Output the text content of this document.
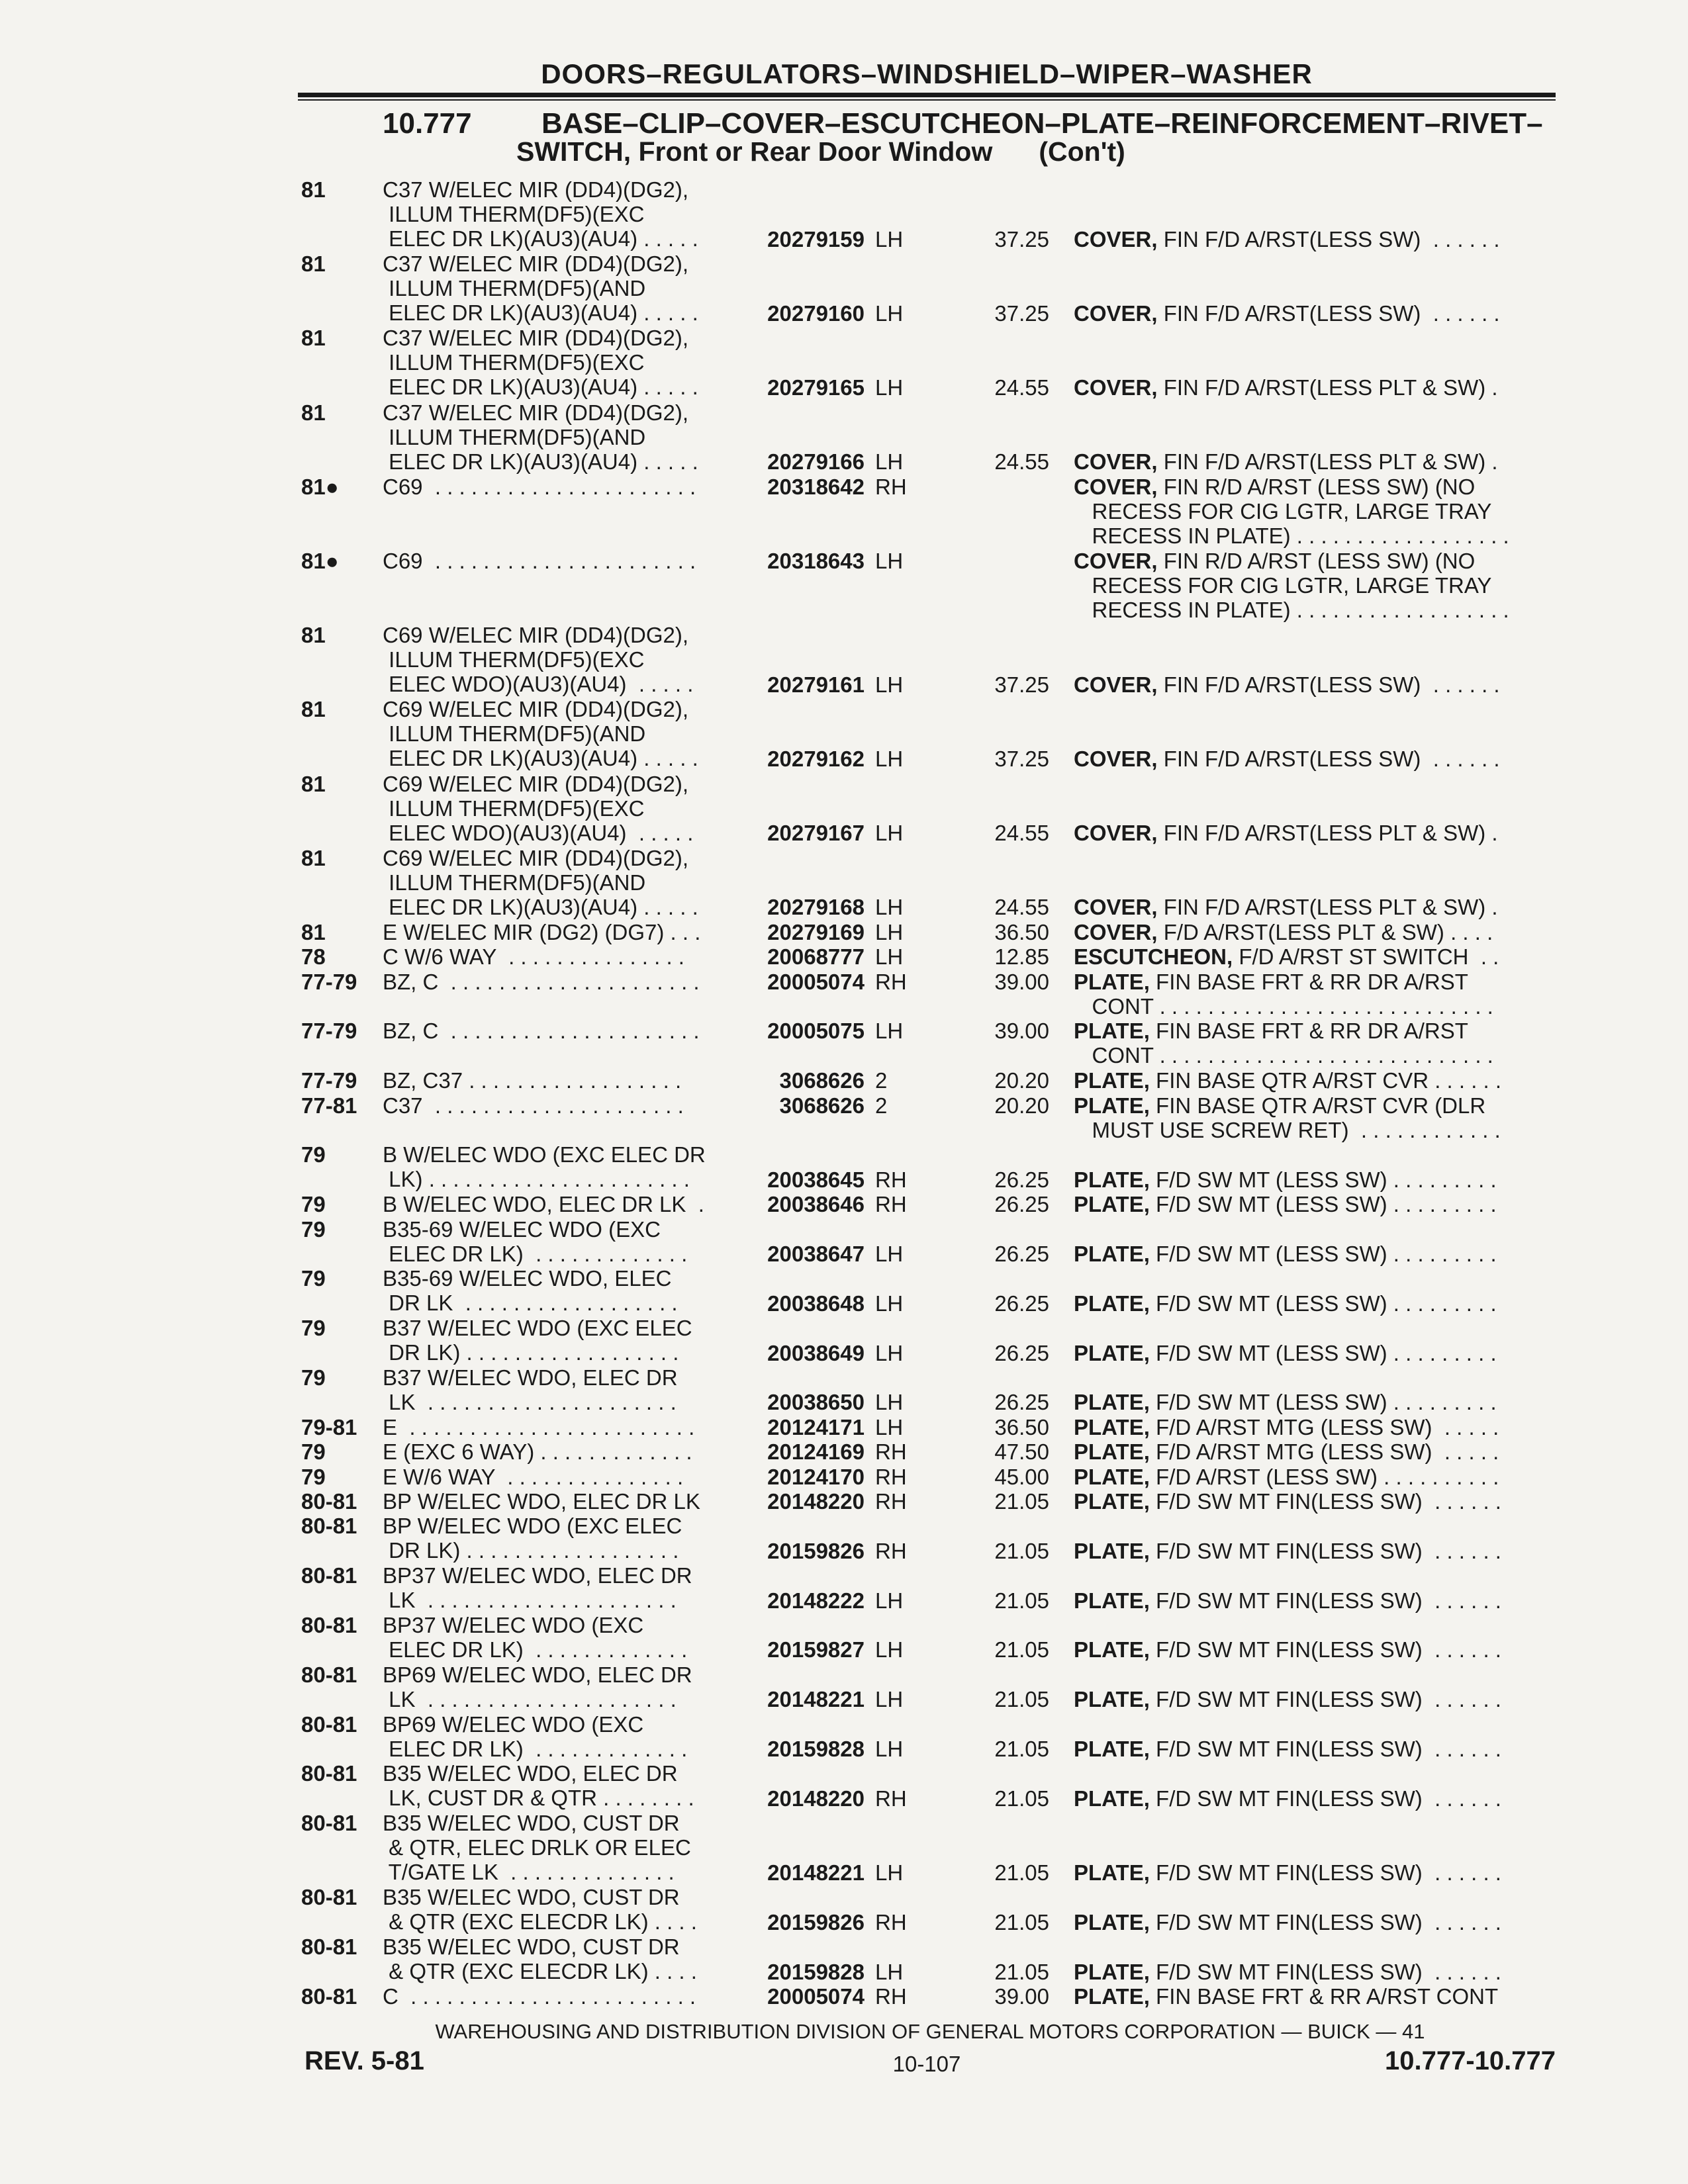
DOORS–REGULATORS–WINDSHIELD–WIPER–WASHER
10.777 BASE–CLIP–COVER–ESCUTCHEON–PLATE–REINFORCEMENT–RIVET–
SWITCH, Front or Rear Door Window (Con't)
81	C37 W/ELEC MIR (DD4)(DG2),
ILLUM THERM(DF5)(EXC
ELEC DR LK)(AU3)(AU4) . . . . .	20279159 LH	37.25 COVER, FIN F/D A/RST(LESS SW)  . . . . . .
81	C37 W/ELEC MIR (DD4)(DG2),
ILLUM THERM(DF5)(AND
ELEC DR LK)(AU3)(AU4) . . . . .	20279160 LH	37.25 COVER, FIN F/D A/RST(LESS SW)  . . . . . .
81	C37 W/ELEC MIR (DD4)(DG2),
ILLUM THERM(DF5)(EXC
ELEC DR LK)(AU3)(AU4) . . . . .	20279165 LH	24.55 COVER, FIN F/D A/RST(LESS PLT & SW) .
81	C37 W/ELEC MIR (DD4)(DG2),
ILLUM THERM(DF5)(AND
ELEC DR LK)(AU3)(AU4) . . . . .	20279166 LH	24.55 COVER, FIN F/D A/RST(LESS PLT & SW) .
81●	C69  . . . . . . . . . . . . . . . . . . . . . .	20318642 RH	COVER, FIN R/D A/RST (LESS SW) (NO
RECESS FOR CIG LGTR, LARGE TRAY
RECESS IN PLATE) . . . . . . . . . . . . . . . . . .
81●	C69  . . . . . . . . . . . . . . . . . . . . . .	20318643 LH	COVER, FIN R/D A/RST (LESS SW) (NO
RECESS FOR CIG LGTR, LARGE TRAY
RECESS IN PLATE) . . . . . . . . . . . . . . . . . .
81	C69 W/ELEC MIR (DD4)(DG2),
ILLUM THERM(DF5)(EXC
ELEC WDO)(AU3)(AU4)  . . . . .	20279161 LH	37.25 COVER, FIN F/D A/RST(LESS SW)  . . . . . .
81	C69 W/ELEC MIR (DD4)(DG2),
ILLUM THERM(DF5)(AND
ELEC DR LK)(AU3)(AU4) . . . . .	20279162 LH	37.25 COVER, FIN F/D A/RST(LESS SW)  . . . . . .
81	C69 W/ELEC MIR (DD4)(DG2),
ILLUM THERM(DF5)(EXC
ELEC WDO)(AU3)(AU4)  . . . . .	20279167 LH	24.55 COVER, FIN F/D A/RST(LESS PLT & SW) .
81	C69 W/ELEC MIR (DD4)(DG2),
ILLUM THERM(DF5)(AND
ELEC DR LK)(AU3)(AU4) . . . . .	20279168 LH	24.55 COVER, FIN F/D A/RST(LESS PLT & SW) .
81	E W/ELEC MIR (DG2) (DG7) . . .	20279169 LH	36.50 COVER, F/D A/RST(LESS PLT & SW) . . . .
78	C W/6 WAY  . . . . . . . . . . . . . . .	20068777 LH	12.85 ESCUTCHEON, F/D A/RST ST SWITCH  . .
77-79	BZ, C  . . . . . . . . . . . . . . . . . . . . .	20005074 RH	39.00 PLATE, FIN BASE FRT & RR DR A/RST
CONT . . . . . . . . . . . . . . . . . . . . . . . . . . . .
77-79	BZ, C  . . . . . . . . . . . . . . . . . . . . .	20005075 LH	39.00 PLATE, FIN BASE FRT & RR DR A/RST
CONT . . . . . . . . . . . . . . . . . . . . . . . . . . . .
77-79	BZ, C37 . . . . . . . . . . . . . . . . . .	3068626 2	20.20 PLATE, FIN BASE QTR A/RST CVR . . . . . .
77-81	C37  . . . . . . . . . . . . . . . . . . . . .	3068626 2	20.20 PLATE, FIN BASE QTR A/RST CVR (DLR
MUST USE SCREW RET)  . . . . . . . . . . . .
79	B W/ELEC WDO (EXC ELEC DR
LK) . . . . . . . . . . . . . . . . . . . . . .	20038645 RH	26.25 PLATE, F/D SW MT (LESS SW) . . . . . . . . .
79	B W/ELEC WDO, ELEC DR LK  .	20038646 RH	26.25 PLATE, F/D SW MT (LESS SW) . . . . . . . . .
79	B35-69 W/ELEC WDO (EXC
ELEC DR LK)  . . . . . . . . . . . . .	20038647 LH	26.25 PLATE, F/D SW MT (LESS SW) . . . . . . . . .
79	B35-69 W/ELEC WDO, ELEC
DR LK  . . . . . . . . . . . . . . . . . .	20038648 LH	26.25 PLATE, F/D SW MT (LESS SW) . . . . . . . . .
79	B37 W/ELEC WDO (EXC ELEC
DR LK) . . . . . . . . . . . . . . . . . .	20038649 LH	26.25 PLATE, F/D SW MT (LESS SW) . . . . . . . . .
79	B37 W/ELEC WDO, ELEC DR
LK  . . . . . . . . . . . . . . . . . . . . .	20038650 LH	26.25 PLATE, F/D SW MT (LESS SW) . . . . . . . . .
79-81	E  . . . . . . . . . . . . . . . . . . . . . . . .	20124171 LH	36.50 PLATE, F/D A/RST MTG (LESS SW)  . . . . .
79	E (EXC 6 WAY) . . . . . . . . . . . . .	20124169 RH	47.50 PLATE, F/D A/RST MTG (LESS SW)  . . . . .
79	E W/6 WAY  . . . . . . . . . . . . . . .	20124170 RH	45.00 PLATE, F/D A/RST (LESS SW) . . . . . . . . . .
80-81	BP W/ELEC WDO, ELEC DR LK	20148220 RH	21.05 PLATE, F/D SW MT FIN(LESS SW)  . . . . . .
80-81	BP W/ELEC WDO (EXC ELEC
DR LK) . . . . . . . . . . . . . . . . . .	20159826 RH	21.05 PLATE, F/D SW MT FIN(LESS SW)  . . . . . .
80-81	BP37 W/ELEC WDO, ELEC DR
LK  . . . . . . . . . . . . . . . . . . . . .	20148222 LH	21.05 PLATE, F/D SW MT FIN(LESS SW)  . . . . . .
80-81	BP37 W/ELEC WDO (EXC
ELEC DR LK)  . . . . . . . . . . . . .	20159827 LH	21.05 PLATE, F/D SW MT FIN(LESS SW)  . . . . . .
80-81	BP69 W/ELEC WDO, ELEC DR
LK  . . . . . . . . . . . . . . . . . . . . .	20148221 LH	21.05 PLATE, F/D SW MT FIN(LESS SW)  . . . . . .
80-81	BP69 W/ELEC WDO (EXC
ELEC DR LK)  . . . . . . . . . . . . .	20159828 LH	21.05 PLATE, F/D SW MT FIN(LESS SW)  . . . . . .
80-81	B35 W/ELEC WDO, ELEC DR
LK, CUST DR & QTR . . . . . . . .	20148220 RH	21.05 PLATE, F/D SW MT FIN(LESS SW)  . . . . . .
80-81	B35 W/ELEC WDO, CUST DR
& QTR, ELEC DRLK OR ELEC
T/GATE LK  . . . . . . . . . . . . . .	20148221 LH	21.05 PLATE, F/D SW MT FIN(LESS SW)  . . . . . .
80-81	B35 W/ELEC WDO, CUST DR
& QTR (EXC ELECDR LK) . . . .	20159826 RH	21.05 PLATE, F/D SW MT FIN(LESS SW)  . . . . . .
80-81	B35 W/ELEC WDO, CUST DR
& QTR (EXC ELECDR LK) . . . .	20159828 LH	21.05 PLATE, F/D SW MT FIN(LESS SW)  . . . . . .
80-81	C  . . . . . . . . . . . . . . . . . . . . . . . .	20005074 RH	39.00 PLATE, FIN BASE FRT & RR A/RST CONT
WAREHOUSING AND DISTRIBUTION DIVISION OF GENERAL MOTORS CORPORATION — BUICK — 41
REV. 5-81	10-107	10.777-10.777
